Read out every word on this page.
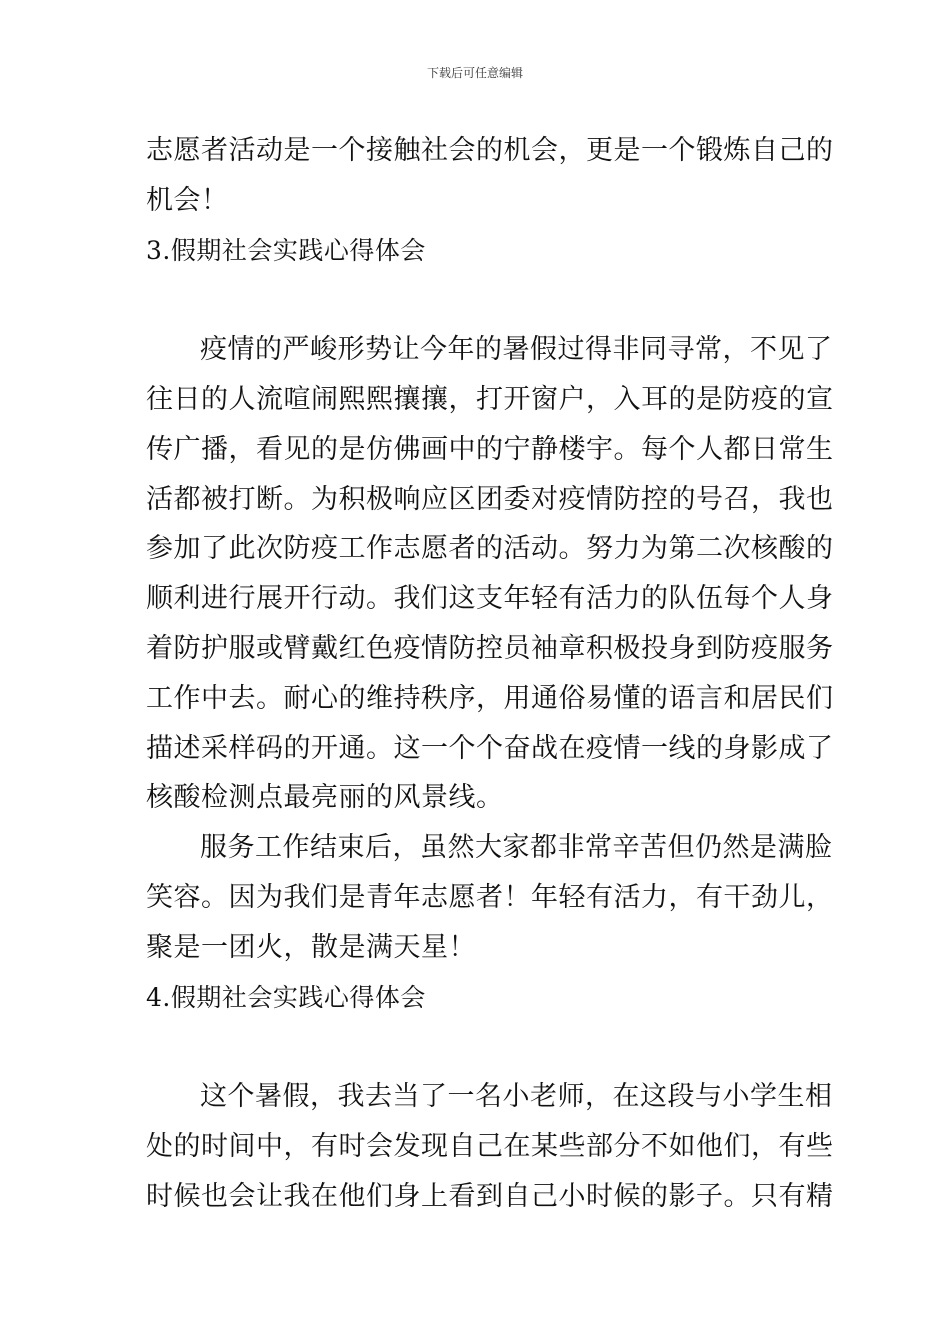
下载后可任意编辑
志愿者活动是一个接触社会的机会，更是一个锻炼自己的
机会！
3.假期社会实践心得体会
疫情的严峻形势让今年的暑假过得非同寻常，不见了
往日的人流喧闹熙熙攘攘，打开窗户，入耳的是防疫的宣
传广播，看见的是仿佛画中的宁静楼宇。每个人都日常生
活都被打断。为积极响应区团委对疫情防控的号召，我也
参加了此次防疫工作志愿者的活动。努力为第二次核酸的
顺利进行展开行动。我们这支年轻有活力的队伍每个人身
着防护服或臂戴红色疫情防控员袖章积极投身到防疫服务
工作中去。耐心的维持秩序，用通俗易懂的语言和居民们
描述采样码的开通。这一个个奋战在疫情一线的身影成了
核酸检测点最亮丽的风景线。
服务工作结束后，虽然大家都非常辛苦但仍然是满脸
笑容。因为我们是青年志愿者！年轻有活力，有干劲儿，
聚是一团火，散是满天星！
4.假期社会实践心得体会
这个暑假，我去当了一名小老师，在这段与小学生相
处的时间中，有时会发现自己在某些部分不如他们，有些
时候也会让我在他们身上看到自己小时候的影子。只有精
